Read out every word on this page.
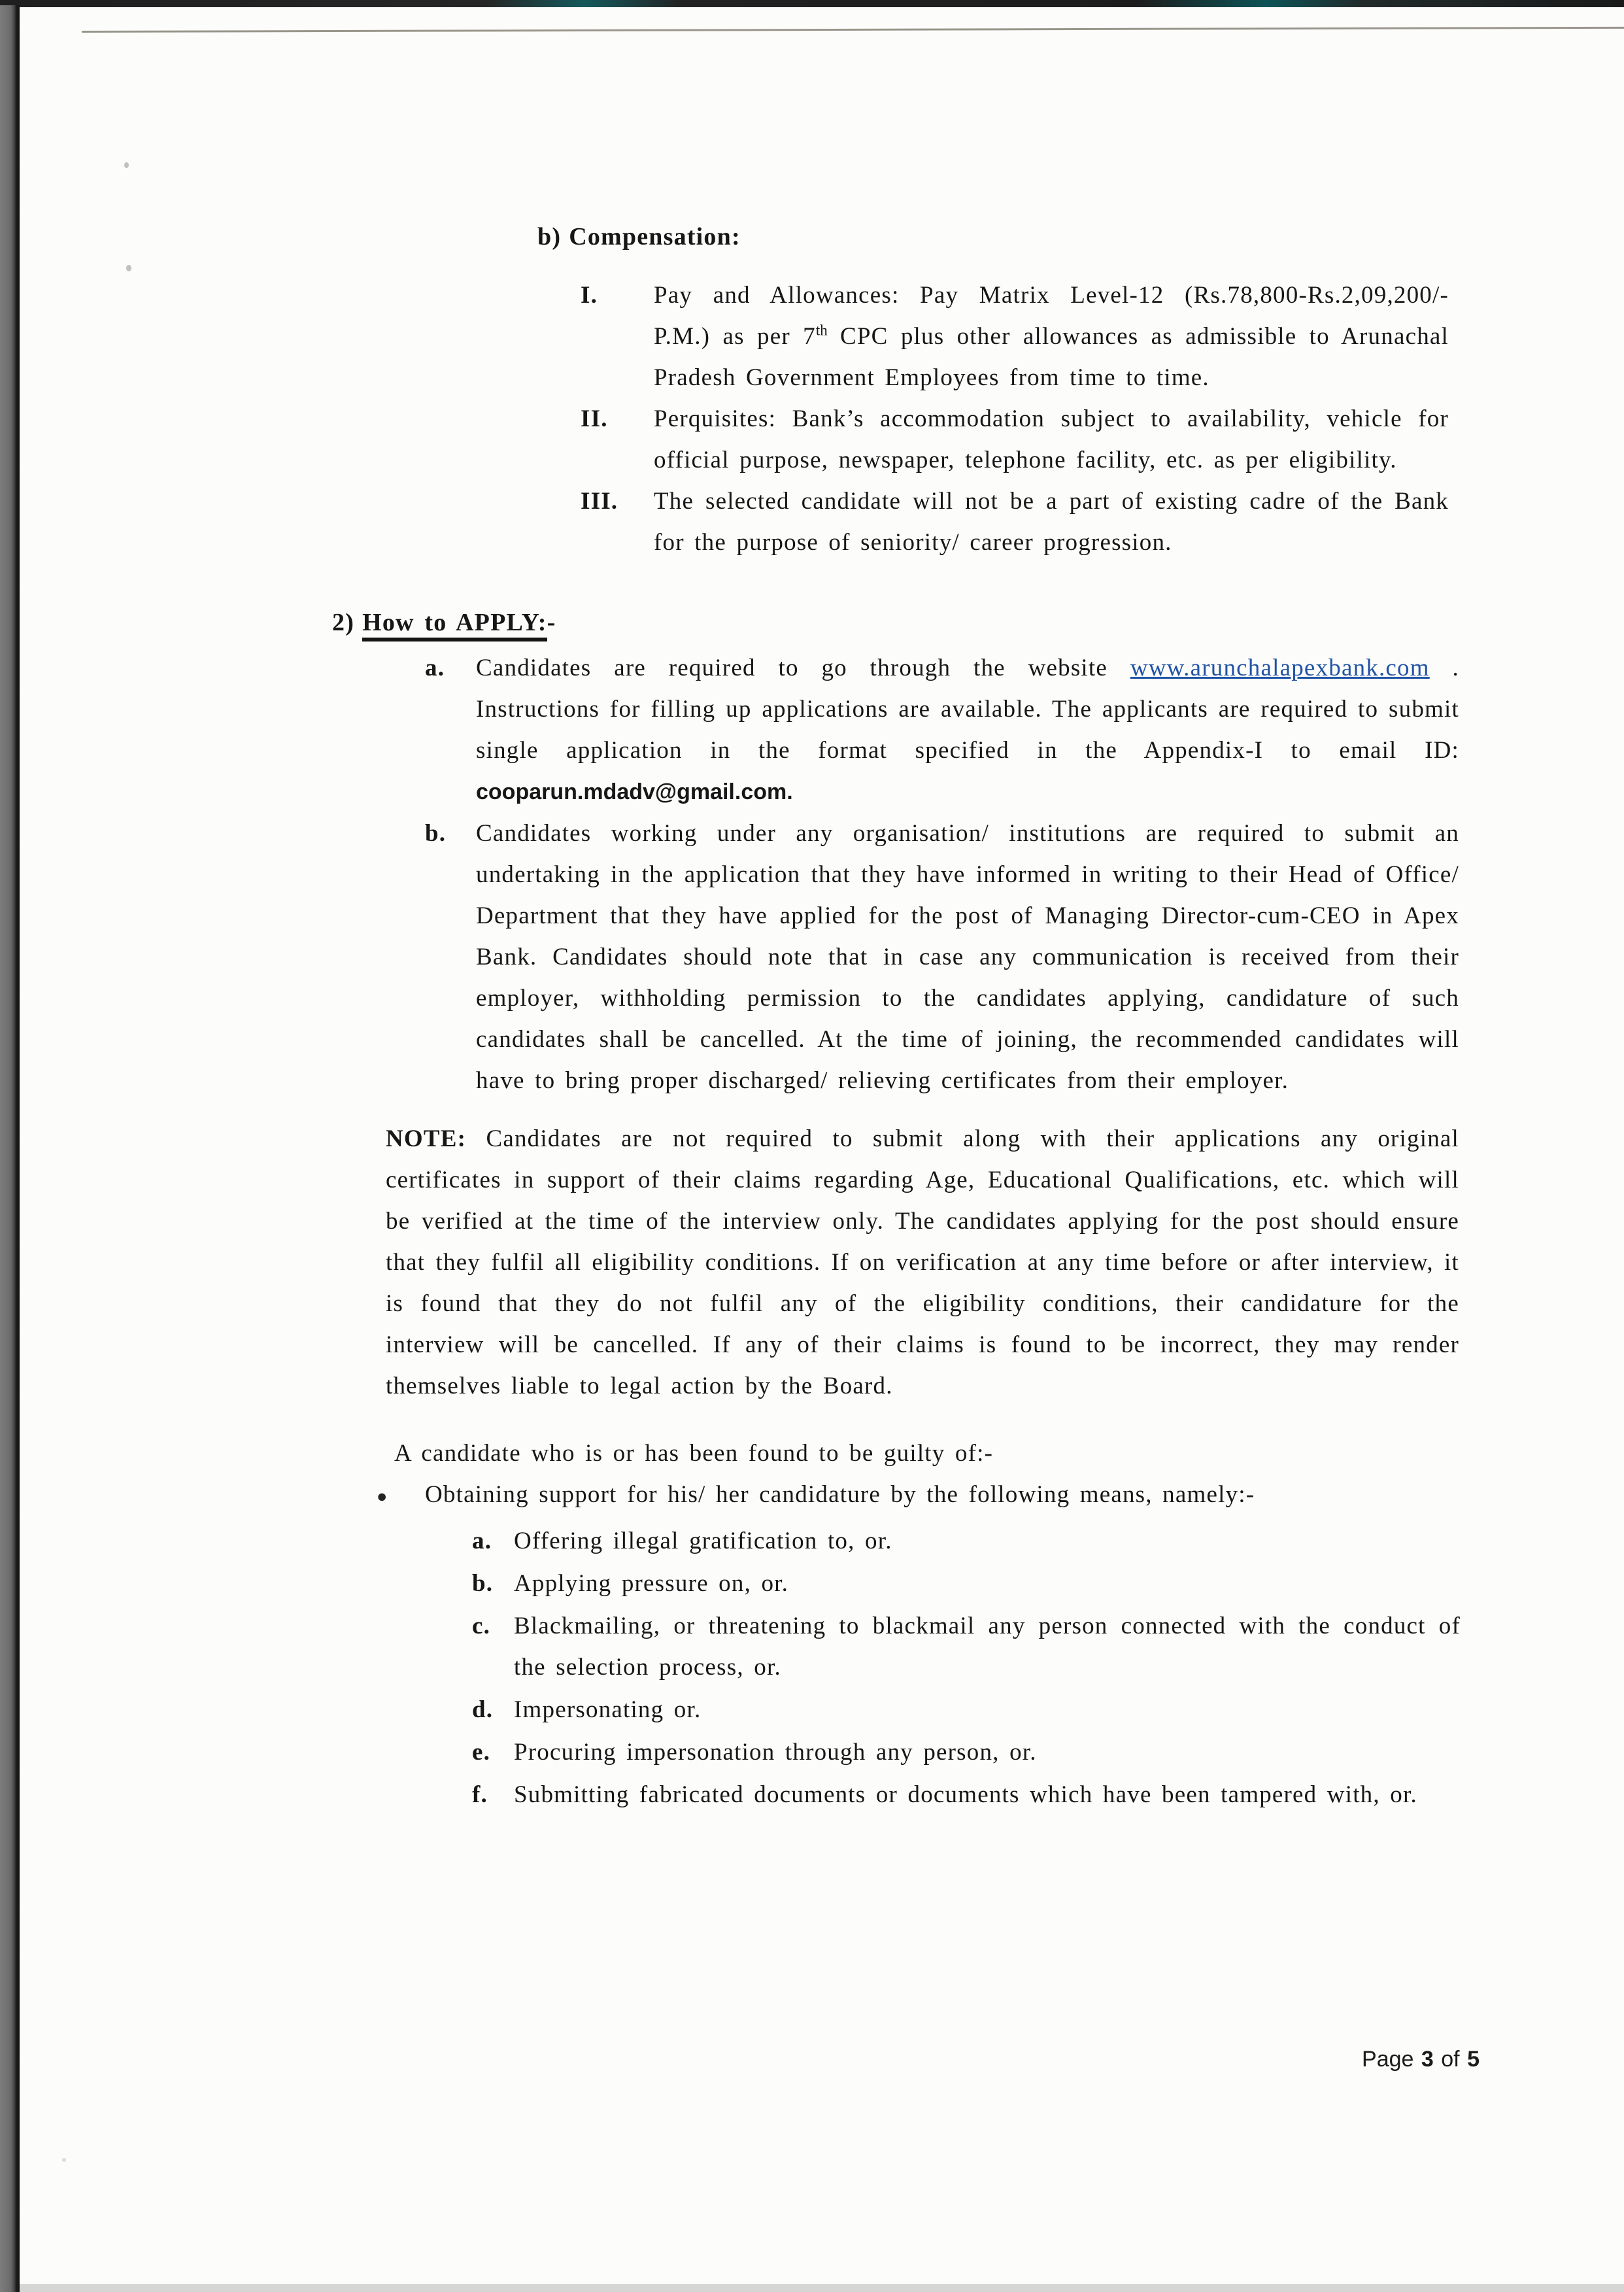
b) Compensation:
I.	Pay and Allowances: Pay Matrix Level-12 (Rs.78,800-Rs.2,09,200/- P.M.) as per 7th CPC plus other allowances as admissible to Arunachal Pradesh Government Employees from time to time.
II.	Perquisites: Bank’s accommodation subject to availability, vehicle for official purpose, newspaper, telephone facility, etc. as per eligibility.
III.	The selected candidate will not be a part of existing cadre of the Bank for the purpose of seniority/ career progression.
2) How to APPLY:-
a.	Candidates are required to go through the website www.arunchalapexbank.com . Instructions for filling up applications are available. The applicants are required to submit single application in the format specified in the Appendix-I to email ID: cooparun.mdadv@gmail.com.
b.	Candidates working under any organisation/ institutions are required to submit an undertaking in the application that they have informed in writing to their Head of Office/ Department that they have applied for the post of Managing Director-cum-CEO in Apex Bank. Candidates should note that in case any communication is received from their employer, withholding permission to the candidates applying, candidature of such candidates shall be cancelled. At the time of joining, the recommended candidates will have to bring proper discharged/ relieving certificates from their employer.

NOTE: Candidates are not required to submit along with their applications any original certificates in support of their claims regarding Age, Educational Qualifications, etc. which will be verified at the time of the interview only. The candidates applying for the post should ensure that they fulfil all eligibility conditions. If on verification at any time before or after interview, it is found that they do not fulfil any of the eligibility conditions, their candidature for the interview will be cancelled. If any of their claims is found to be incorrect, they may render themselves liable to legal action by the Board.

A candidate who is or has been found to be guilty of:-

●	Obtaining support for his/ her candidature by the following means, namely:-
a. Offering illegal gratification to, or.
b. Applying pressure on, or.
c. Blackmailing, or threatening to blackmail any person connected with the conduct of the selection process, or.
d. Impersonating or.
e. Procuring impersonation through any person, or.
f.	Submitting fabricated documents or documents which have been tampered with, or.
Page 3 of 5
